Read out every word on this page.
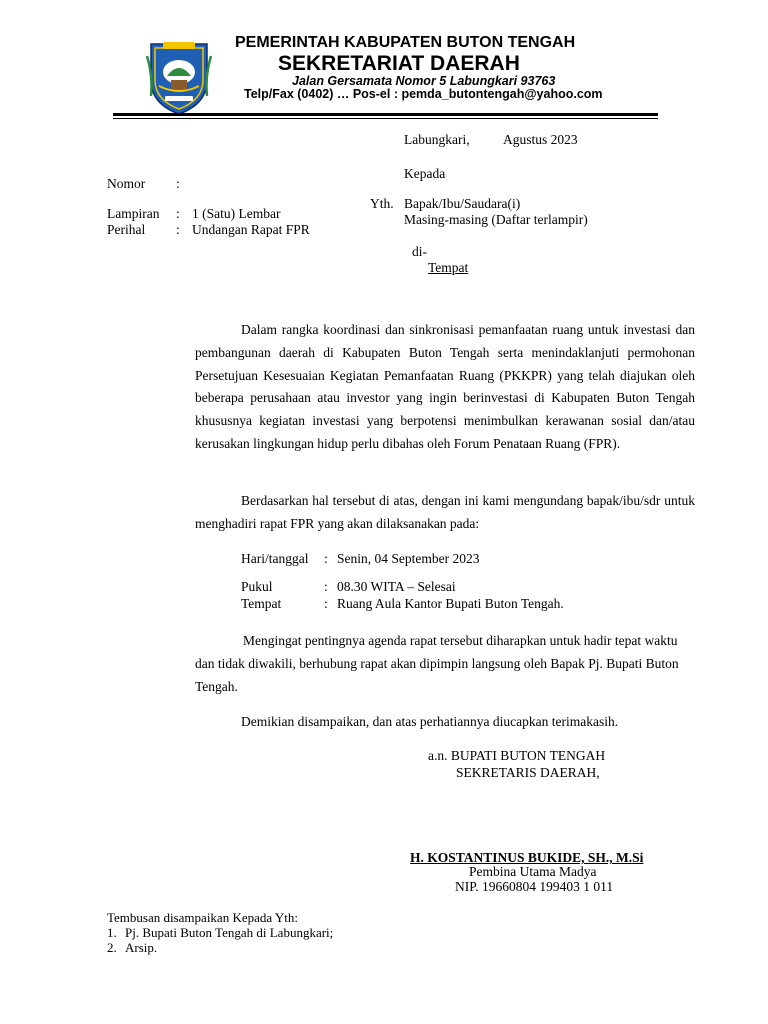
PEMERINTAH KABUPATEN BUTON TENGAH
SEKRETARIAT DAERAH
Jalan Gersamata Nomor 5 Labungkari 93763
Telp/Fax (0402) … Pos-el : pemda_butontengah@yahoo.com
Labungkari, Agustus 2023
Nomor :
Lampiran : 1 (Satu) Lembar
Perihal : Undangan Rapat FPR
Kepada
Yth. Bapak/Ibu/Saudara(i)
Masing-masing (Daftar terlampir)
di-
Tempat
Dalam rangka koordinasi dan sinkronisasi pemanfaatan ruang untuk investasi dan pembangunan daerah di Kabupaten Buton Tengah serta menindaklanjuti permohonan Persetujuan Kesesuaian Kegiatan Pemanfaatan Ruang (PKKPR) yang telah diajukan oleh beberapa perusahaan atau investor yang ingin berinvestasi di Kabupaten Buton Tengah khususnya kegiatan investasi yang berpotensi menimbulkan kerawanan sosial dan/atau kerusakan lingkungan hidup perlu dibahas oleh Forum Penataan Ruang (FPR).
Berdasarkan hal tersebut di atas, dengan ini kami mengundang bapak/ibu/sdr untuk menghadiri rapat FPR yang akan dilaksanakan pada:
Hari/tanggal : Senin, 04 September 2023
Pukul	: 08.30 WITA – Selesai
Tempat	: Ruang Aula Kantor Bupati Buton Tengah.
Mengingat pentingnya agenda rapat tersebut diharapkan untuk hadir tepat waktu dan tidak diwakili, berhubung rapat akan dipimpin langsung oleh Bapak Pj. Bupati Buton Tengah.
Demikian disampaikan, dan atas perhatiannya diucapkan terimakasih.
a.n. BUPATI BUTON TENGAH
SEKRETARIS DAERAH,
H. KOSTANTINUS BUKIDE, SH., M.Si
Pembina Utama Madya
NIP. 19660804 199403 1 011
Tembusan disampaikan Kepada Yth:
1. Pj. Bupati Buton Tengah di Labungkari;
2. Arsip.
